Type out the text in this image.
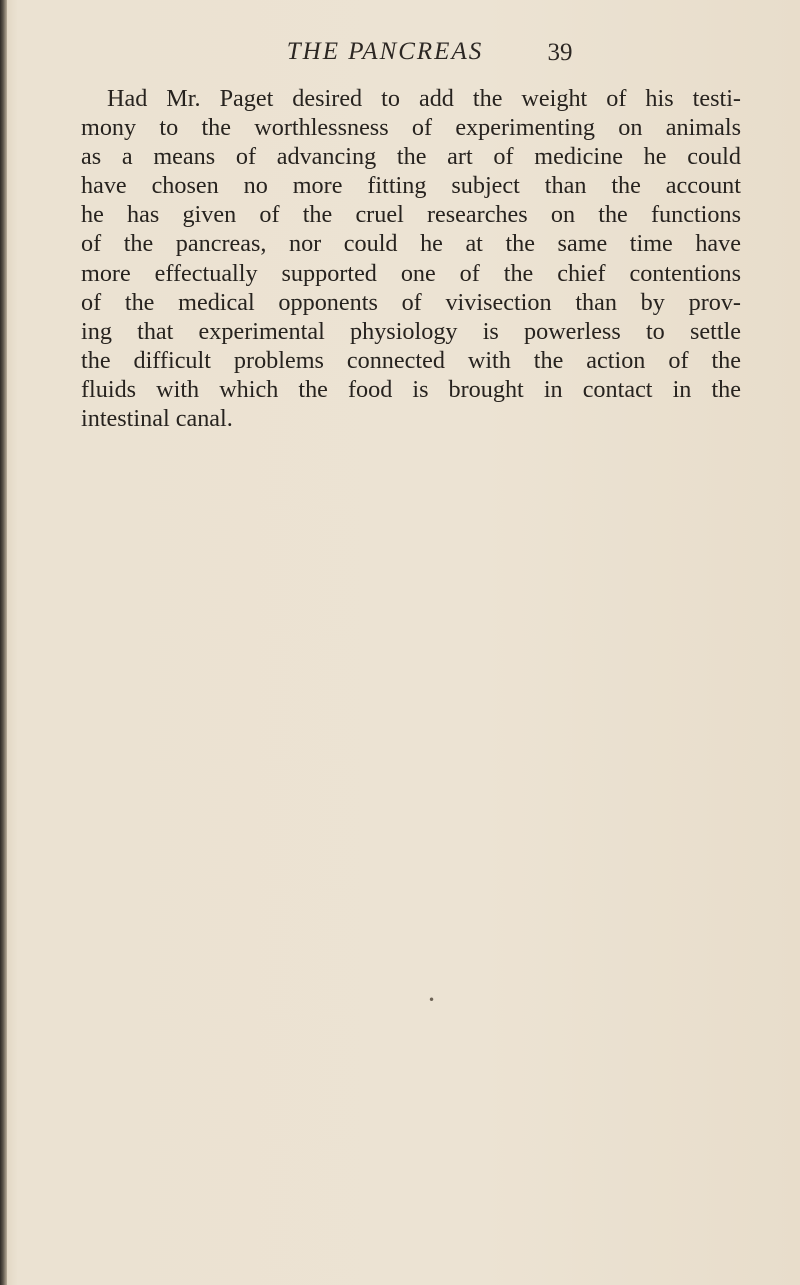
THE PANCREAS	39
Had Mr. Paget desired to add the weight of his testi-
mony to the worthlessness of experimenting on animals
as a means of advancing the art of medicine he could
have chosen no more fitting subject than the account
he has given of the cruel researches on the functions
of the pancreas, nor could he at the same time have
more effectually supported one of the chief contentions
of the medical opponents of vivisection than by prov-
ing that experimental physiology is powerless to settle
the difficult problems connected with the action of the
fluids with which the food is brought in contact in the
intestinal canal.
•
